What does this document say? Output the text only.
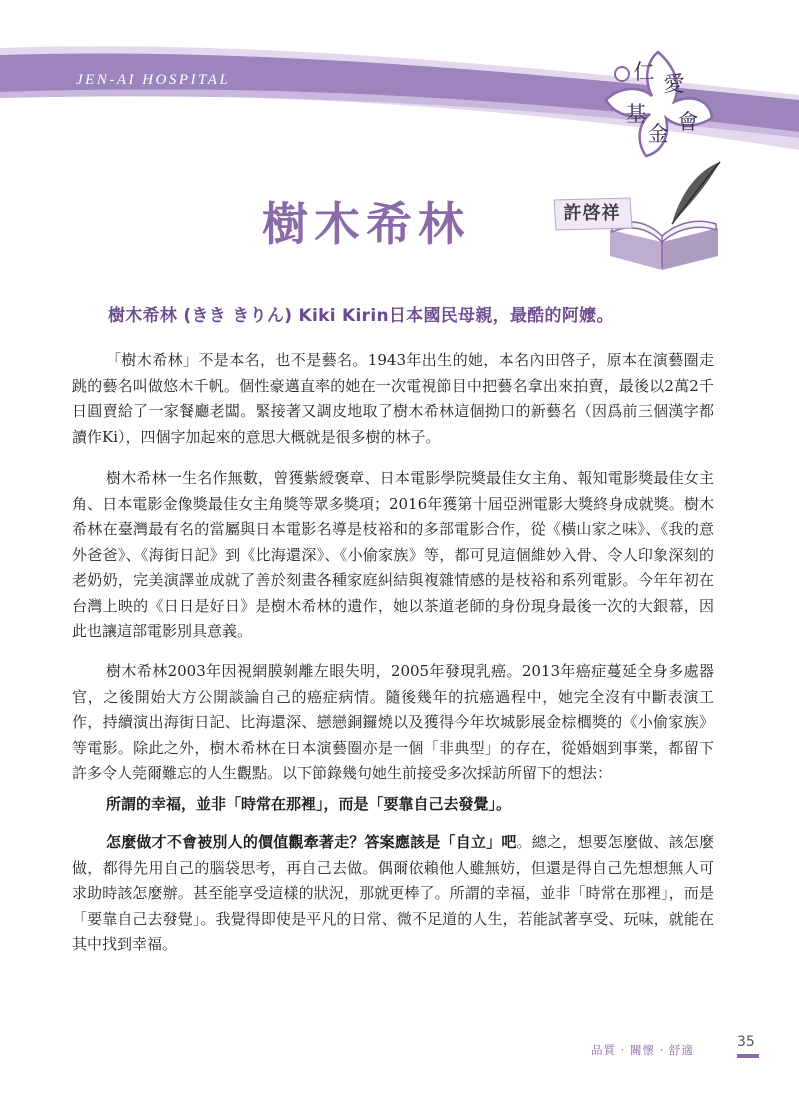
JEN-AI HOSPITAL	仁 愛
基
金 會
樹木希林	許啓祥
樹木希林 (きき きりん) Kiki Kirin日本國民母親，最酷的阿嬤。

「樹木希林」不是本名，也不是藝名。1943年出生的她，本名內田啓子，原本在演藝圈走跳的藝名叫做悠木千帆。個性豪邁直率的她在一次電視節目中把藝名拿出來拍賣，最後以2萬2千日圓賣給了一家餐廳老闆。緊接著又調皮地取了樹木希林這個拗口的新藝名（因爲前三個漢字都讀作Ki），四個字加起來的意思大概就是很多樹的林子。

樹木希林一生名作無數，曾獲紫綬褒章、日本電影學院獎最佳女主角、報知電影獎最佳女主角、日本電影金像獎最佳女主角獎等眾多獎項；2016年獲第十屆亞洲電影大獎終身成就獎。樹木希林在臺灣最有名的當屬與日本電影名導是枝裕和的多部電影合作，從《橫山家之味》、《我的意外爸爸》、《海街日記》到《比海還深》、《小偷家族》等，都可見這個維妙入骨、令人印象深刻的老奶奶，完美演譯並成就了善於刻畫各種家庭糾結與複雜情感的是枝裕和系列電影。今年年初在台灣上映的《日日是好日》是樹木希林的遺作，她以茶道老師的身份現身最後一次的大銀幕，因此也讓這部電影別具意義。

樹木希林2003年因視網膜剝離左眼失明，2005年發現乳癌。2013年癌症蔓延全身多處器官，之後開始大方公開談論自己的癌症病情。隨後幾年的抗癌過程中，她完全沒有中斷表演工作，持續演出海街日記、比海還深、戀戀銅鑼燒以及獲得今年坎城影展金棕櫚獎的《小偷家族》等電影。除此之外，樹木希林在日本演藝圈亦是一個「非典型」的存在，從婚姻到事業，都留下許多令人莞爾難忘的人生觀點。以下節錄幾句她生前接受多次採訪所留下的想法：

所謂的幸福，並非「時常在那裡」，而是「要靠自己去發覺」。

怎麼做才不會被別人的價值觀牽著走？答案應該是「自立」吧。總之，想要怎麼做、該怎麼做，都得先用自己的腦袋思考，再自己去做。偶爾依賴他人雖無妨，但還是得自己先想想無人可求助時該怎麼辦。甚至能享受這樣的狀況，那就更棒了。所謂的幸福，並非「時常在那裡」，而是「要靠自己去發覺」。我覺得即使是平凡的日常、微不足道的人生，若能試著享受、玩味，就能在其中找到幸福。

品質 · 關懷 · 舒適	35
